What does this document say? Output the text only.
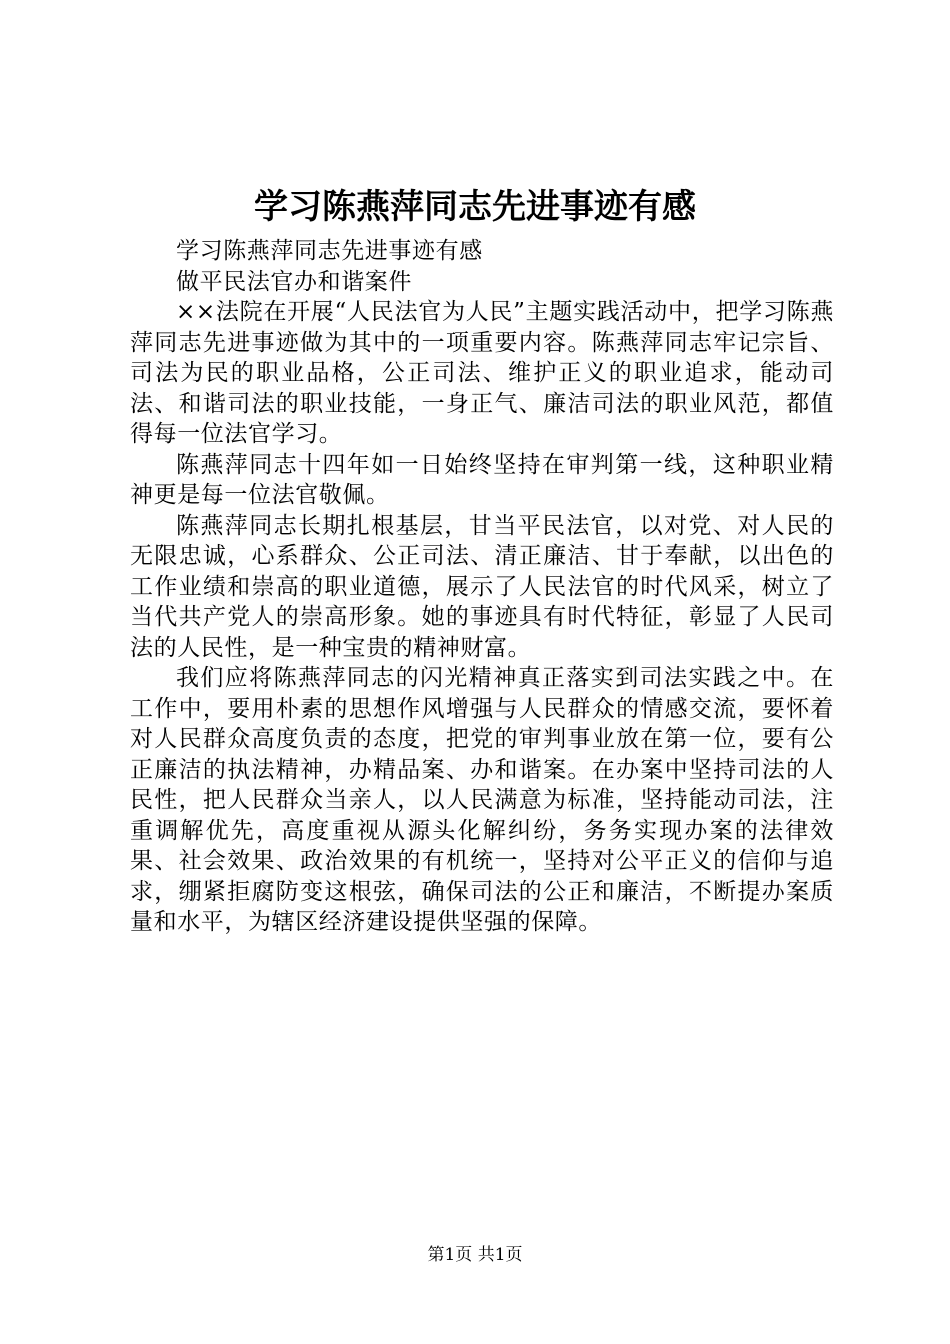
学习陈燕萍同志先进事迹有感

学习陈燕萍同志先进事迹有感

做平民法官办和谐案件

××法院在开展“人民法官为人民”主题实践活动中，把学习陈燕萍同志先进事迹做为其中的一项重要内容。陈燕萍同志牢记宗旨、司法为民的职业品格，公正司法、维护正义的职业追求，能动司法、和谐司法的职业技能，一身正气、廉洁司法的职业风范，都值得每一位法官学习。

陈燕萍同志十四年如一日始终坚持在审判第一线，这种职业精神更是每一位法官敬佩。

陈燕萍同志长期扎根基层，甘当平民法官，以对党、对人民的无限忠诚，心系群众、公正司法、清正廉洁、甘于奉献，以出色的工作业绩和崇高的职业道德，展示了人民法官的时代风采，树立了当代共产党人的崇高形象。她的事迹具有时代特征，彰显了人民司法的人民性，是一种宝贵的精神财富。

我们应将陈燕萍同志的闪光精神真正落实到司法实践之中。在工作中，要用朴素的思想作风增强与人民群众的情感交流，要怀着对人民群众高度负责的态度，把党的审判事业放在第一位，要有公正廉洁的执法精神，办精品案、办和谐案。在办案中坚持司法的人民性，把人民群众当亲人，以人民满意为标准，坚持能动司法，注重调解优先，高度重视从源头化解纠纷，务务实现办案的法律效果、社会效果、政治效果的有机统一，坚持对公平正义的信仰与追求，绷紧拒腐防变这根弦，确保司法的公正和廉洁，不断提办案质量和水平，为辖区经济建设提供坚强的保障。

第1页 共1页
